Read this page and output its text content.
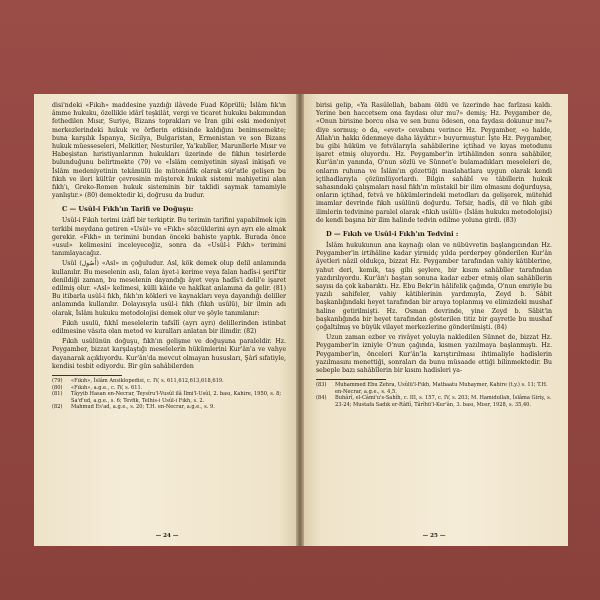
disi'ndeki «Fıkıh» maddesine yazdığı ilâvede Fuad Köprülü; İslâm fık'ın âmme hukuku, özellikle idârî teşkilât, vergi ve ticaret hukuku bakımından fethedilen Mısır, Suriye, Bizans toprakları ve İran gibi eski medeniyet merkezlerindeki hukuk ve örflerin etkisinde kaldığını benimsemekte; buna karşılık İspanya, Sicilya, Bulgaristan, Ermenistan ve son Bizans hukuk müesseseleri, Melkitler, Nesturiler, Ya'kubîler, Marunîlerle Mısır ve Habeşistan hıristiyanlarının hukukları üzerinde de fıkhın tesirlerde bulunduğunu belirtmekte (79) ve «İslâm cemiyetinin siyasî inkişafı ve İslâm medeniyetinin tekâmülü ile mütenâfik olarak sür'atle gelişen bu fıkıh ve ileri kültür çevresinin müşterek hukuk sistemi mahiyetini alan fıkh'ı, Greko-Romen hukuk sisteminin bir taklidi saymak tamamiyle yanlıştır.» (80) demektedir ki, doğrusu da budur.

C — Usûl-i Fıkh'ın Tarifi ve Doğuşu:

Usûl-i Fıkıh terimi izâfî bir terkiptir. Bu terimin tarifini yapabilmek için terkibi meydana getiren «Usûl» ve «Fıkh» sözcüklerini ayrı ayrı ele almak gerekir. «Fıkh» ın terimini bundan önceki bahiste yaptık. Burada önce «usul» kelimesini inceleyeceğiz, sonra da «Usûl-i Fıkh» terimini tanımlayacağız.

Usûl (أُصُول) «Asl» ın çoğuludur. Asl, kök demek olup delil anlamında kullanılır. Bu meselenin aslı, falan âyet-i kerime veya falan hadîs-i şerif'tir denildiği zaman, bu meselenin dayandığı âyet veya hadîs'i delil'e işaret edilmiş olur. «Asl» kelimesi, külli kâide ve hakîkat anlamına da gelir. (81) Bu itibarla usûl-i fıkh, fıkh'ın kökleri ve kaynakları veya dayandığı deliller anlamında kullanılır. Dolayısıyla usûl-i fıkh (fıkıh usûlü), bir ilmin adı olarak, İslâm hukuku metodolojisi demek olur ve şöyle tanımlanır:

Fıkıh usulü, fıkhî meselelerin tafsîlî (ayrı ayrı) delillerinden istinbat edilmesine vâsıta olan metod ve kuralları anlatan bir ilimdir. (82)

Fıkıh usûlünün doğuşu, fıkh'ın gelişme ve doğuşuna paraleldir. Hz. Peygamber, bizzat karşılaştığı meselelerin hükümlerini Kur'ân'a ve vahye dayanarak açıklıyordu. Kur'ân'da mevcut olmayan hususları, Şârî sıfatiyle, kendisi tesbit ediyordu. Bir gün sahâbilerden

(79)	«Fıkıh», İslâm Ansiklopedisi, c. IV, s. 611,612,613,618,619.
(80)	«Fıkıh», a.g.e., c. IV, s. 611.
(81)	Tâyyib Hasan en-Necrar, Teysîru'l-Vusûl ilâ İlmi'l-Usûl, 2. bası, Kahire, 1950, s. 8; Sa'd'ud, a.g.e., s. 6; Tevfik, Telhis-i Usûl-i Fıkh, s. 2.
(82)	Mahmud Es'ad, a.g.e., s. 20; T.H. en-Necrar, a.g.e., s. 9.
— 24 —

birisi gelip, «Ya Rasûlellah, babam öldü ve üzerinde hac farîzası kaldı. Yerine ben haccetsem ona faydası olur mu?» demiş; Hz. Peygamber de, «Onun birisine borcu olsa ve sen bunu ödesen, ona faydası dokunur mu?» diye sormuş; o da, «evet» cevabını verince Hz. Peygamber, «o halde, Allah'ın hakkı ödenmeye daha lâyıktır.» buyurmuştur. İşte Hz. Peygamber, bu gibi hüküm ve fetvâlarıyla sahâbilerine içtihad ve kıyas metodunu işaret etmiş oluyordu. Hz. Peygamber'in irtihâlinden sonra sahâbiler, Kur'ân'ın yanında, O'nun sözlü ve Sünnet'e bulamadıkları meseleleri de, onların ruhuna ve İslâm'ın gözettiği maslahatlara uygun olarak kendi içtihadlarıyla çözümlüyorlardı. Bilgin sahâbî ve tâbiîlerin hukuk sahasındaki çalışmaları nasıl fıkh'ın müstakil bir ilim olmasını doğurduysa, onların içtihad, fetvâ ve hükümlerindeki metodları da gelişerek, mütehid imamlar devrinde fıkıh usûlünü doğurdu. Tefsir, hadîs, dil ve fıkıh gibi ilimlerin tedvinine paralel olarak «fıkıh usûlü» (İslâm hukuku metodolojisi) de kendi başına bir ilim halinde tedvin edilme yoluna girdi. (83)

D — Fıkıh ve Usûl-i Fıkh'ın Tedvini :

İslâm hukukunun ana kaynağı olan ve nübüvvetin başlangıcından Hz. Peygamber'in irtihâline kadar yirmidç yılda perderpey gönderilen Kur'ân âyetleri nâzil oldukça, bizzat Hz. Peygamber tarafından vahiy kâtiblerine, yahut deri, kemik, taş gibi şeylere, bir kısım sahâbîler tarafından yazdırılıyordu. Kur'ân'ı baştan sonuna kadar ezber etmiş olan sahâbîlerin sayısı da çok kabarıktı. Hz. Ebu Bekr'in hâlifelik çağında, O'nun emriyle bu yazılı sahifeler, vahiy kâtiblerinin yardımıyla, Zeyd b. Sâbit başkanlığındaki heyet tarafından bir araya toplanmış ve elimizdeki mushaf haline getirilmişti. Hz. Osman devrinde, yine Zeyd b. Sâbit'in başkanlığında bir heyet tarafından gösterilen titiz bir gayretle bu mushaf çoğaltılmış ve büyük vilayet merkezlerine gönderilmişti. (84)

Uzun zaman ezber ve rivâyet yoluyla nakledilen Sünnet de, bizzat Hz. Peygamber'in izniyle O'nun çağında, kısmen yazılmaya başlanmıştı. Hz. Peygamber'in, önceleri Kur'ân'la karıştırılması ihtimaliyle hadislerin yazılmasını menettiği, sonraları da bunu müsaade ettiği bilinmektedir. Bu sebeple bazı sahâbîlerin bir kısım hadisleri ya-

(83)	Muhammed Ebu Zehra, Usûlü'l-Fıkh, Matbaatu Muhaymer, Kahire (t.y.) s. 11; T.H. en-Necrar, a.g.e., s. 4,5.
(84)	Buhârî, el-Câmi'u's-Sahîh, c. III, s. 157, c. IV, s. 203; M. Hamidullah, İslâma Giriş, s. 23-24; Mustafa Sadık er-Râfiî, Târîhü'l-Kur'ân, 3. bası, Mısır, 1928, s. 35,40.
— 25 —
